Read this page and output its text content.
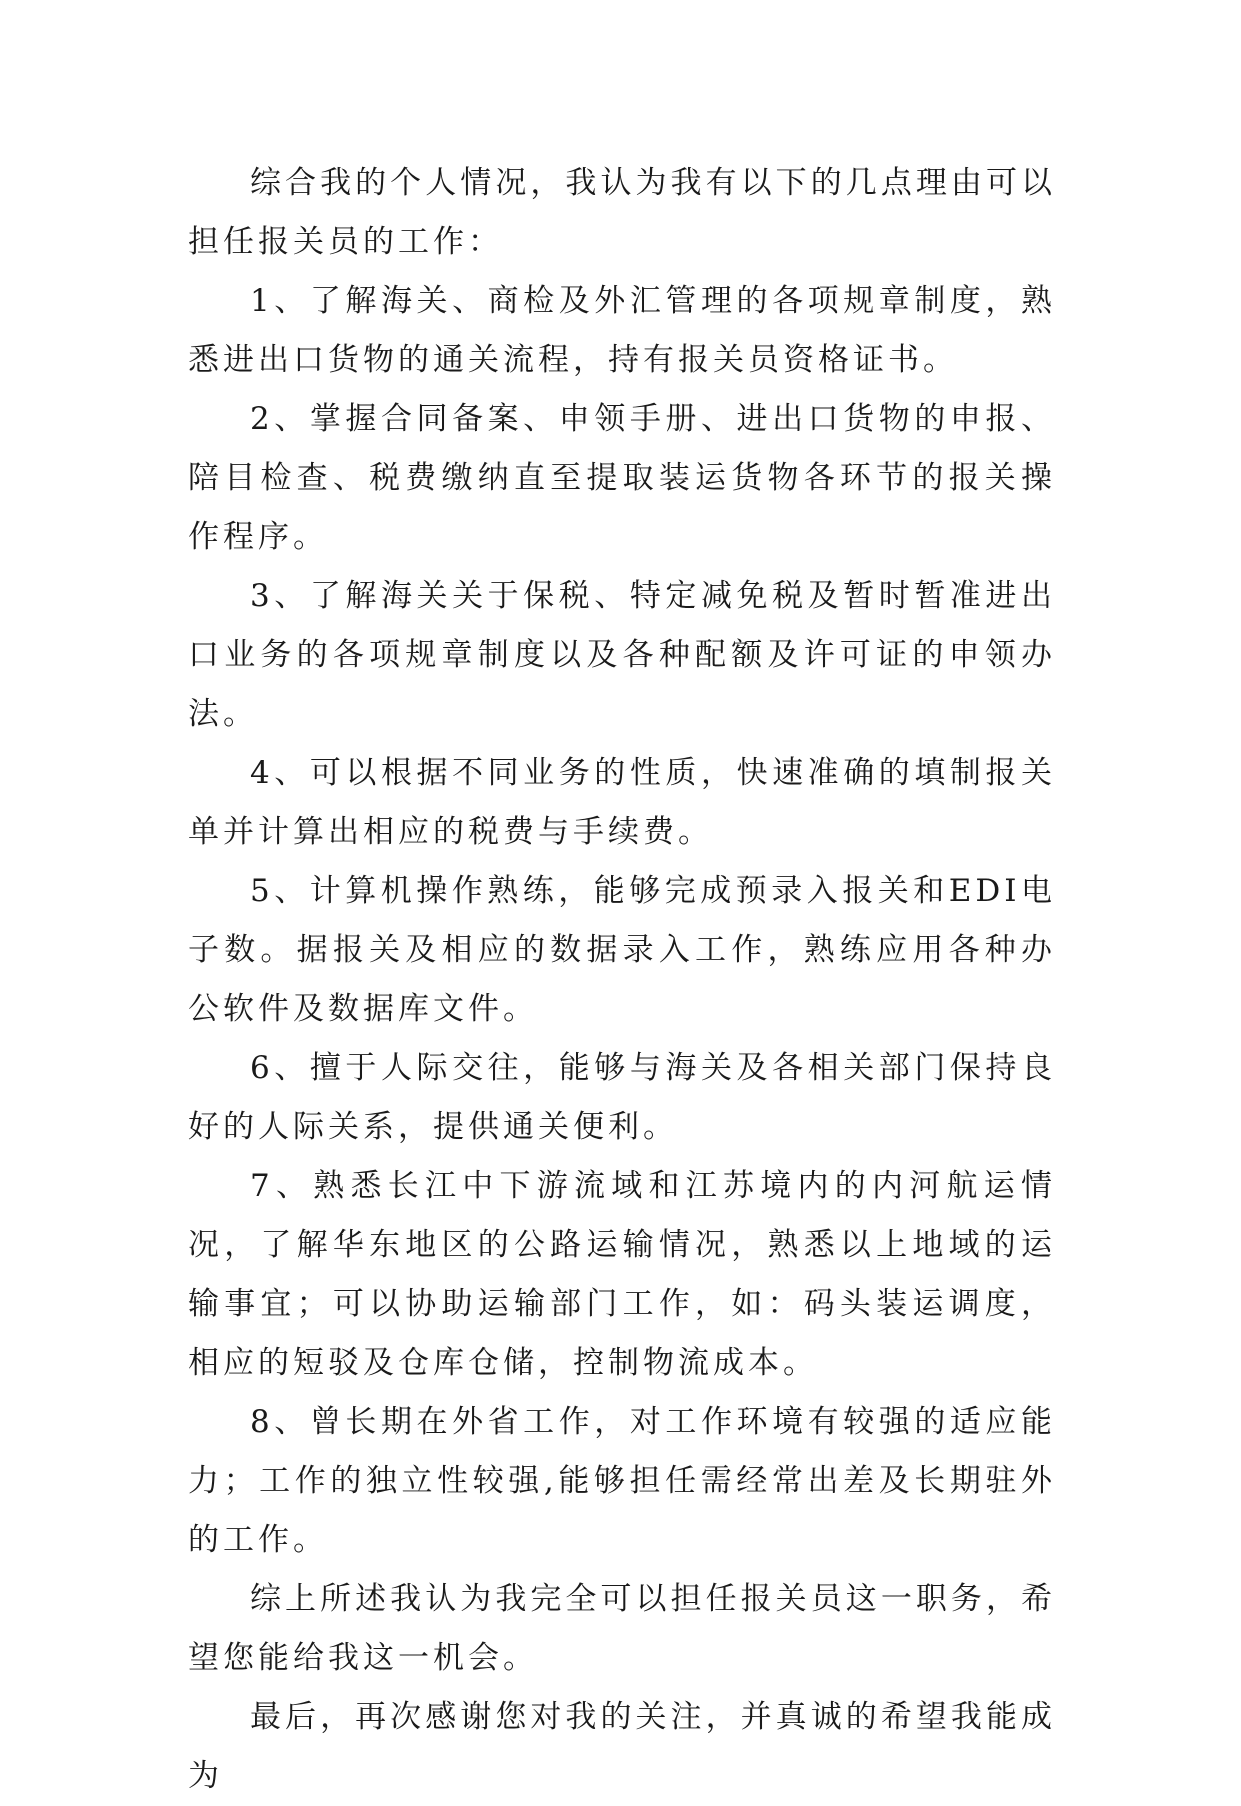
综合我的个人情况，我认为我有以下的几点理由可以担任报关员的工作：

1、了解海关、商检及外汇管理的各项规章制度，熟悉进出口货物的通关流程，持有报关员资格证书。

2、掌握合同备案、申领手册、进出口货物的申报、陪目检查、税费缴纳直至提取装运货物各环节的报关操作程序。

3、了解海关关于保税、特定减免税及暂时暂准进出口业务的各项规章制度以及各种配额及许可证的申领办法。

4、可以根据不同业务的性质，快速准确的填制报关单并计算出相应的税费与手续费。

5、计算机操作熟练，能够完成预录入报关和EDI电子数。据报关及相应的数据录入工作，熟练应用各种办公软件及数据库文件。

6、擅于人际交往，能够与海关及各相关部门保持良好的人际关系，提供通关便利。

7、熟悉长江中下游流域和江苏境内的内河航运情况，了解华东地区的公路运输情况，熟悉以上地域的运输事宜；可以协助运输部门工作，如：码头装运调度，相应的短驳及仓库仓储，控制物流成本。

8、曾长期在外省工作，对工作环境有较强的适应能力；工作的独立性较强,能够担任需经常出差及长期驻外的工作。

综上所述我认为我完全可以担任报关员这一职务，希望您能给我这一机会。

最后，再次感谢您对我的关注，并真诚的希望我能成为
